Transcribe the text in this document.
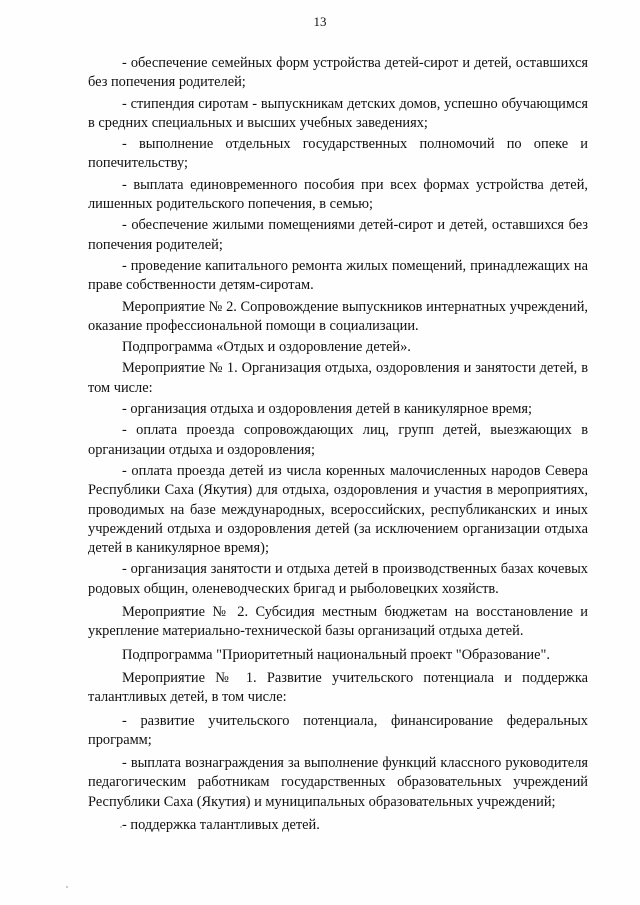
13

- обеспечение семейных форм устройства детей-сирот и детей, оставшихся без попечения родителей;

- стипендия сиротам - выпускникам детских домов, успешно обучающимся в средних специальных и высших учебных заведениях;

- выполнение отдельных государственных полномочий по опеке и попечительству;

- выплата единовременного пособия при всех формах устройства детей, лишенных родительского попечения, в семью;

- обеспечение жилыми помещениями детей-сирот и детей, оставшихся без попечения родителей;

- проведение капитального ремонта жилых помещений, принадлежащих на праве собственности детям-сиротам.

Мероприятие № 2. Сопровождение выпускников интернатных учреждений, оказание профессиональной помощи в социализации.

Подпрограмма «Отдых и оздоровление детей».

Мероприятие № 1. Организация отдыха, оздоровления и занятости детей, в том числе:

- организация отдыха и оздоровления детей в каникулярное время;

- оплата проезда сопровождающих лиц, групп детей, выезжающих в организации отдыха и оздоровления;

- оплата проезда детей из числа коренных малочисленных народов Севера Республики Саха (Якутия) для отдыха, оздоровления и участия в мероприятиях, проводимых на базе международных, всероссийских, республиканских и иных учреждений отдыха и оздоровления детей (за исключением организации отдыха детей в каникулярное время);

- организация занятости и отдыха детей в производственных базах кочевых родовых общин, оленеводческих бригад и рыболовецких хозяйств.

Мероприятие № 2. Субсидия местным бюджетам на восстановление и укрепление материально-технической базы организаций отдыха детей.

Подпрограмма "Приоритетный национальный проект "Образование".

Мероприятие № 1. Развитие учительского потенциала и поддержка талантливых детей, в том числе:

- развитие учительского потенциала, финансирование федеральных программ;

- выплата вознаграждения за выполнение функций классного руководителя педагогическим работникам государственных образовательных учреждений Республики Саха (Якутия) и муниципальных образовательных учреждений;

- поддержка талантливых детей.
